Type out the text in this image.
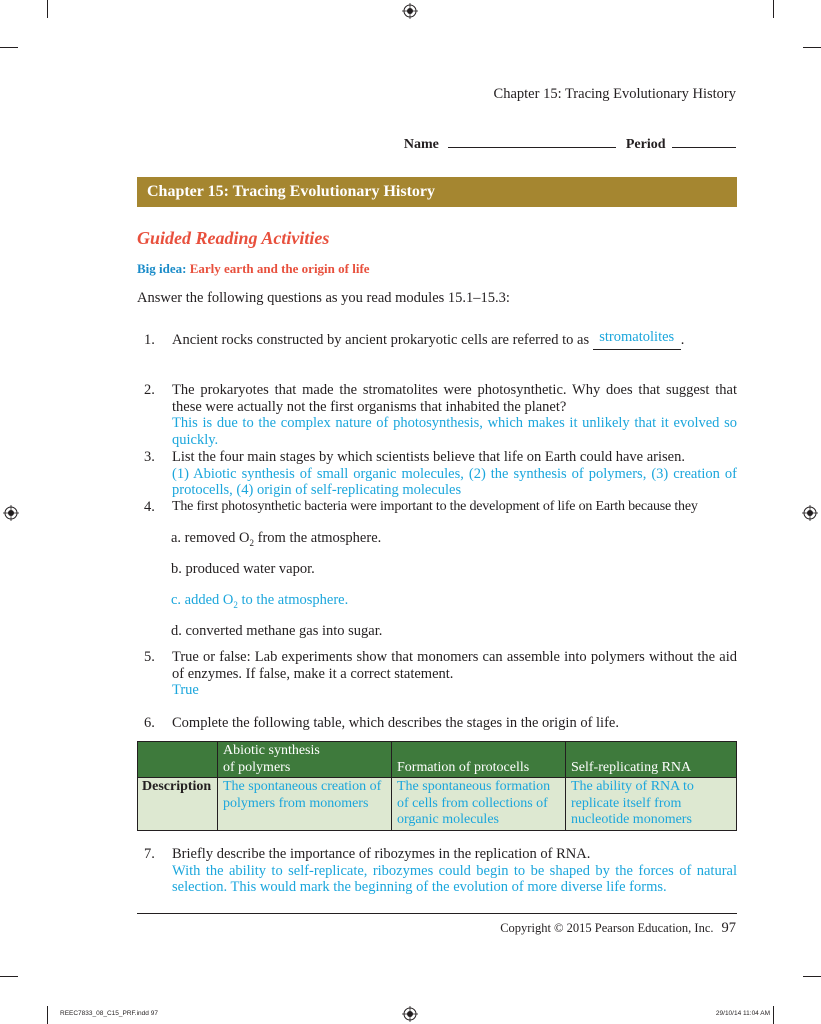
Chapter 15: Tracing Evolutionary History
Name	Period
Chapter 15: Tracing Evolutionary History
Guided Reading Activities
Big idea: Early earth and the origin of life
Answer the following questions as you read modules 15.1–15.3:
1. Ancient rocks constructed by ancient prokaryotic cells are referred to as stromatolites .
2. The prokaryotes that made the stromatolites were photosynthetic. Why does that suggest that these were actually not the first organisms that inhabited the planet?
This is due to the complex nature of photosynthesis, which makes it unlikely that it evolved so quickly.
3. List the four main stages by which scientists believe that life on Earth could have arisen.
(1) Abiotic synthesis of small organic molecules, (2) the synthesis of polymers, (3) creation of protocells, (4) origin of self-replicating molecules
4. The first photosynthetic bacteria were important to the development of life on Earth because they
a. removed $O_2$ from the atmosphere.
b. produced water vapor.
c. added $O_2$ to the atmosphere.
d. converted methane gas into sugar.
5. True or false: Lab experiments show that monomers can assemble into polymers without the aid of enzymes. If false, make it a correct statement.
True
6. Complete the following table, which describes the stages in the origin of life.
	Abiotic synthesis
of polymers	Formation of protocells	Self-replicating RNA
Description	The spontaneous creation of polymers from monomers	The spontaneous formation of cells from collections of organic molecules	The ability of RNA to replicate itself from nucleotide monomers
7. Briefly describe the importance of ribozymes in the replication of RNA.
With the ability to self-replicate, ribozymes could begin to be shaped by the forces of natural selection. This would mark the beginning of the evolution of more diverse life forms.
Copyright © 2015 Pearson Education, Inc. 97
REEC7833_08_C15_PRF.indd 97	29/10/14 11:04 AM
